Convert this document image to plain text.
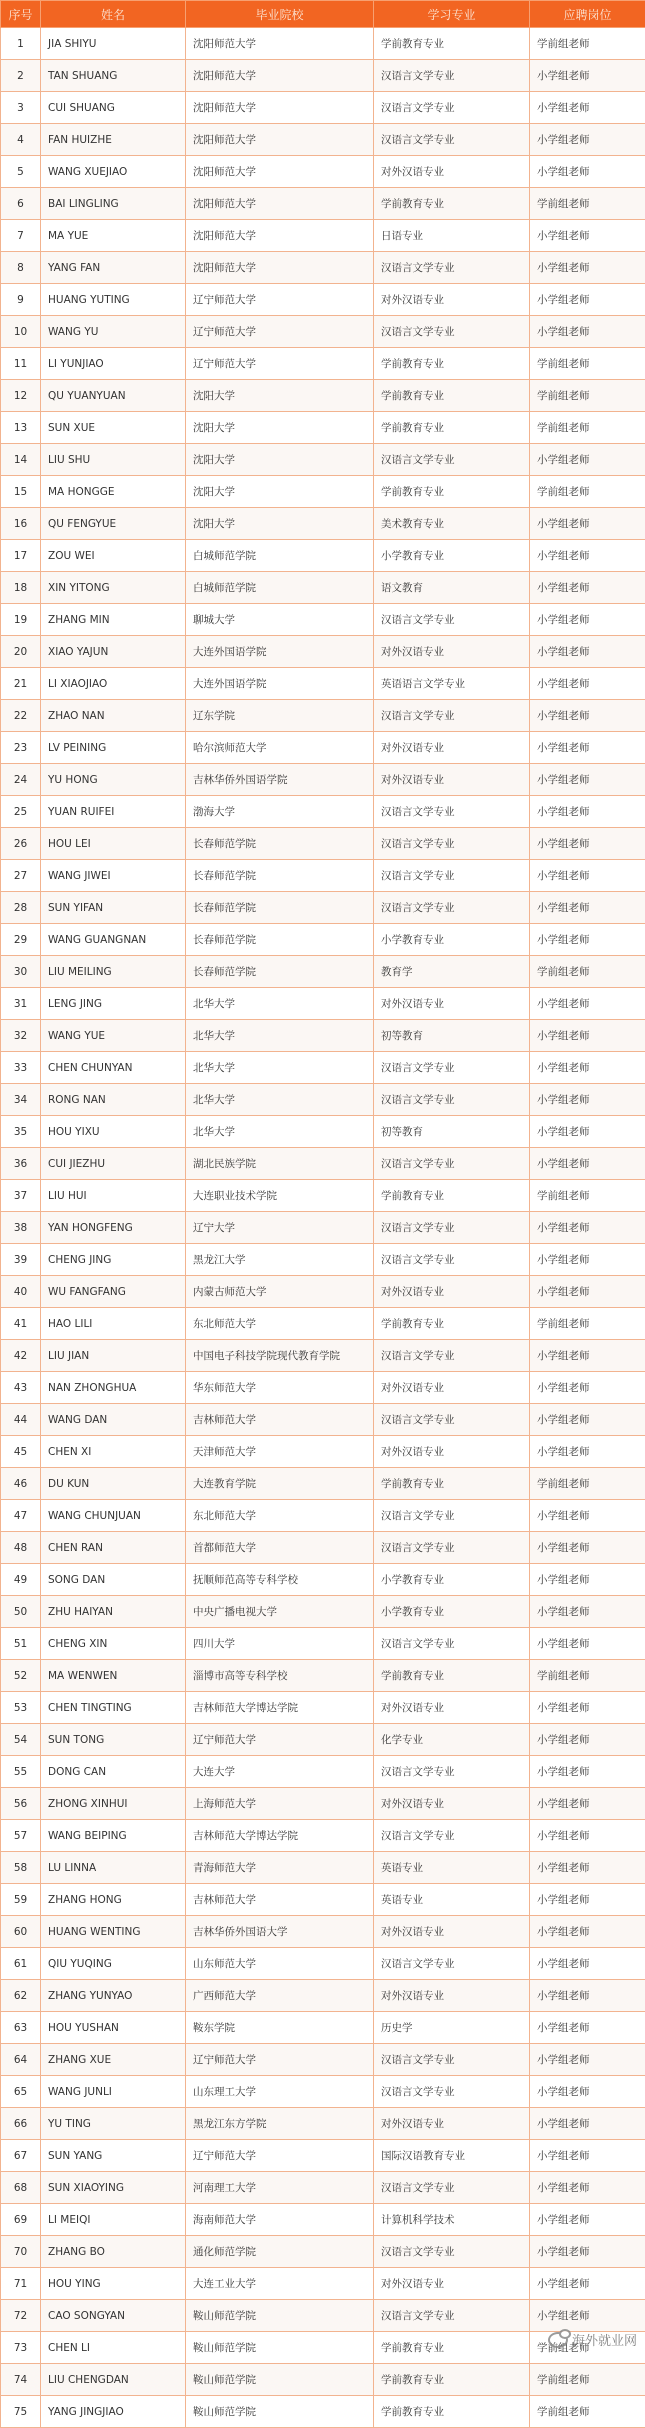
序号	姓名	毕业院校	学习专业	应聘岗位
1	JIA SHIYU	沈阳师范大学	学前教育专业	学前组老师
2	TAN SHUANG	沈阳师范大学	汉语言文学专业	小学组老师
3	CUI SHUANG	沈阳师范大学	汉语言文学专业	小学组老师
4	FAN HUIZHE	沈阳师范大学	汉语言文学专业	小学组老师
5	WANG XUEJIAO	沈阳师范大学	对外汉语专业	小学组老师
6	BAI LINGLING	沈阳师范大学	学前教育专业	学前组老师
7	MA YUE	沈阳师范大学	日语专业	小学组老师
8	YANG FAN	沈阳师范大学	汉语言文学专业	小学组老师
9	HUANG YUTING	辽宁师范大学	对外汉语专业	小学组老师
10	WANG YU	辽宁师范大学	汉语言文学专业	小学组老师
11	LI YUNJIAO	辽宁师范大学	学前教育专业	学前组老师
12	QU YUANYUAN	沈阳大学	学前教育专业	学前组老师
13	SUN XUE	沈阳大学	学前教育专业	学前组老师
14	LIU SHU	沈阳大学	汉语言文学专业	小学组老师
15	MA HONGGE	沈阳大学	学前教育专业	学前组老师
16	QU FENGYUE	沈阳大学	美术教育专业	小学组老师
17	ZOU WEI	白城师范学院	小学教育专业	小学组老师
18	XIN YITONG	白城师范学院	语文教育	小学组老师
19	ZHANG MIN	聊城大学	汉语言文学专业	小学组老师
20	XIAO YAJUN	大连外国语学院	对外汉语专业	小学组老师
21	LI XIAOJIAO	大连外国语学院	英语语言文学专业	小学组老师
22	ZHAO NAN	辽东学院	汉语言文学专业	小学组老师
23	LV PEINING	哈尔滨师范大学	对外汉语专业	小学组老师
24	YU HONG	吉林华侨外国语学院	对外汉语专业	小学组老师
25	YUAN RUIFEI	渤海大学	汉语言文学专业	小学组老师
26	HOU LEI	长春师范学院	汉语言文学专业	小学组老师
27	WANG JIWEI	长春师范学院	汉语言文学专业	小学组老师
28	SUN YIFAN	长春师范学院	汉语言文学专业	小学组老师
29	WANG GUANGNAN	长春师范学院	小学教育专业	小学组老师
30	LIU MEILING	长春师范学院	教育学	学前组老师
31	LENG JING	北华大学	对外汉语专业	小学组老师
32	WANG YUE	北华大学	初等教育	小学组老师
33	CHEN CHUNYAN	北华大学	汉语言文学专业	小学组老师
34	RONG NAN	北华大学	汉语言文学专业	小学组老师
35	HOU YIXU	北华大学	初等教育	小学组老师
36	CUI JIEZHU	湖北民族学院	汉语言文学专业	小学组老师
37	LIU HUI	大连职业技术学院	学前教育专业	学前组老师
38	YAN HONGFENG	辽宁大学	汉语言文学专业	小学组老师
39	CHENG JING	黑龙江大学	汉语言文学专业	小学组老师
40	WU FANGFANG	内蒙古师范大学	对外汉语专业	小学组老师
41	HAO LILI	东北师范大学	学前教育专业	学前组老师
42	LIU JIAN	中国电子科技学院现代教育学院	汉语言文学专业	小学组老师
43	NAN ZHONGHUA	华东师范大学	对外汉语专业	小学组老师
44	WANG DAN	吉林师范大学	汉语言文学专业	小学组老师
45	CHEN XI	天津师范大学	对外汉语专业	小学组老师
46	DU KUN	大连教育学院	学前教育专业	学前组老师
47	WANG CHUNJUAN	东北师范大学	汉语言文学专业	小学组老师
48	CHEN RAN	首都师范大学	汉语言文学专业	小学组老师
49	SONG DAN	抚顺师范高等专科学校	小学教育专业	小学组老师
50	ZHU HAIYAN	中央广播电视大学	小学教育专业	小学组老师
51	CHENG XIN	四川大学	汉语言文学专业	小学组老师
52	MA WENWEN	淄博市高等专科学校	学前教育专业	学前组老师
53	CHEN TINGTING	吉林师范大学博达学院	对外汉语专业	小学组老师
54	SUN TONG	辽宁师范大学	化学专业	小学组老师
55	DONG CAN	大连大学	汉语言文学专业	小学组老师
56	ZHONG XINHUI	上海师范大学	对外汉语专业	小学组老师
57	WANG BEIPING	吉林师范大学博达学院	汉语言文学专业	小学组老师
58	LU LINNA	青海师范大学	英语专业	小学组老师
59	ZHANG HONG	吉林师范大学	英语专业	小学组老师
60	HUANG WENTING	吉林华侨外国语大学	对外汉语专业	小学组老师
61	QIU YUQING	山东师范大学	汉语言文学专业	小学组老师
62	ZHANG YUNYAO	广西师范大学	对外汉语专业	小学组老师
63	HOU YUSHAN	鞍东学院	历史学	小学组老师
64	ZHANG XUE	辽宁师范大学	汉语言文学专业	小学组老师
65	WANG JUNLI	山东理工大学	汉语言文学专业	小学组老师
66	YU TING	黑龙江东方学院	对外汉语专业	小学组老师
67	SUN YANG	辽宁师范大学	国际汉语教育专业	小学组老师
68	SUN XIAOYING	河南理工大学	汉语言文学专业	小学组老师
69	LI MEIQI	海南师范大学	计算机科学技术	小学组老师
70	ZHANG BO	通化师范学院	汉语言文学专业	小学组老师
71	HOU YING	大连工业大学	对外汉语专业	小学组老师
72	CAO SONGYAN	鞍山师范学院	汉语言文学专业	小学组老师
73	CHEN LI	鞍山师范学院	学前教育专业	学前组老师
74	LIU CHENGDAN	鞍山师范学院	学前教育专业	学前组老师
75	YANG JINGJIAO	鞍山师范学院	学前教育专业	学前组老师
海外就业网
